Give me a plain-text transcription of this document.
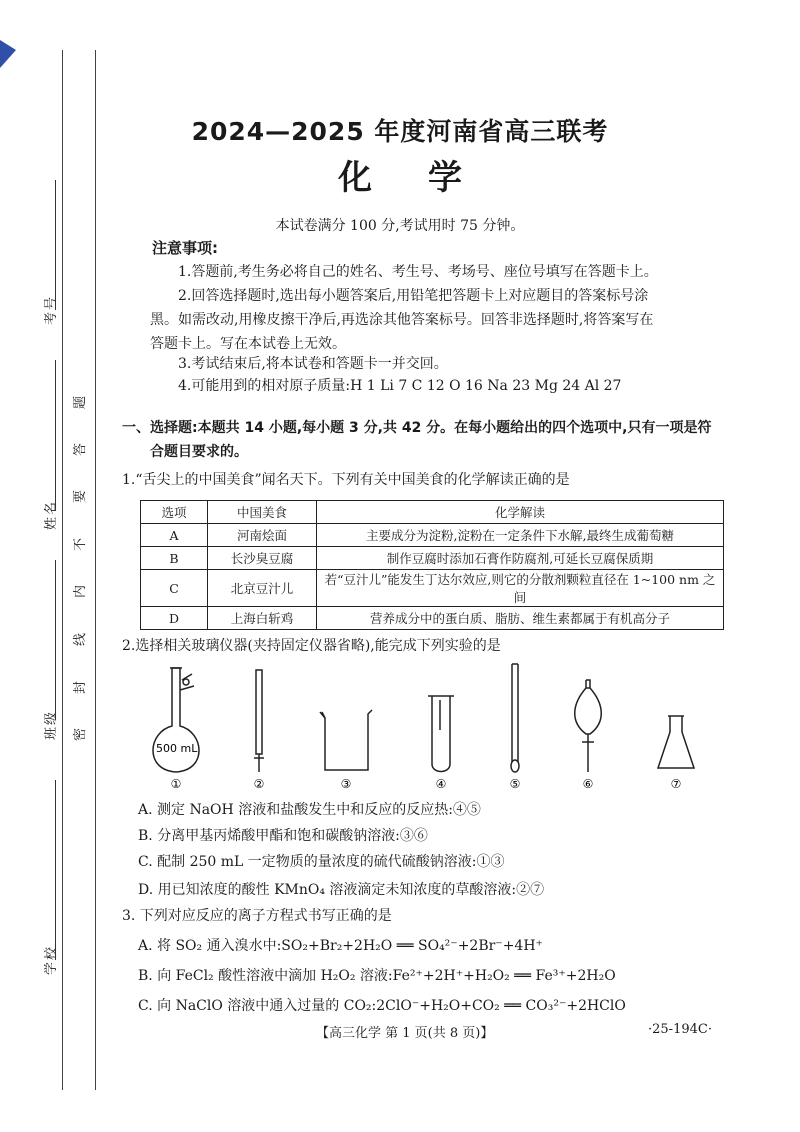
考号
姓名
班级
学校
题
答
要
不
内
线
封
密
2024—2025 年度河南省高三联考
化 学
本试卷满分 100 分,考试用时 75 分钟。
注意事项:
1.答题前,考生务必将自己的姓名、考生号、考场号、座位号填写在答题卡上。
2.回答选择题时,选出每小题答案后,用铅笔把答题卡上对应题目的答案标号涂
黑。如需改动,用橡皮擦干净后,再选涂其他答案标号。回答非选择题时,将答案写在
答题卡上。写在本试卷上无效。
3.考试结束后,将本试卷和答题卡一并交回。
4.可能用到的相对原子质量:H 1 Li 7 C 12 O 16 Na 23 Mg 24 Al 27
一、选择题:本题共 14 小题,每小题 3 分,共 42 分。在每小题给出的四个选项中,只有一项是符
合题目要求的。
1.“舌尖上的中国美食”闻名天下。下列有关中国美食的化学解读正确的是
选项	中国美食	化学解读
A	河南烩面	主要成分为淀粉,淀粉在一定条件下水解,最终生成葡萄糖
B	长沙臭豆腐	制作豆腐时添加石膏作防腐剂,可延长豆腐保质期
C	北京豆汁儿	若“豆汁儿”能发生丁达尔效应,则它的分散剂颗粒直径在 1~100 nm 之间
D	上海白斩鸡	营养成分中的蛋白质、脂肪、维生素都属于有机高分子
2.选择相关玻璃仪器(夹持固定仪器省略),能完成下列实验的是
500 mL
①	②	③	④	⑤	⑥	⑦
A. 测定 NaOH 溶液和盐酸发生中和反应的反应热:④⑤
B. 分离甲基丙烯酸甲酯和饱和碳酸钠溶液:③⑥
C. 配制 250 mL 一定物质的量浓度的硫代硫酸钠溶液:①③
D. 用已知浓度的酸性 KMnO₄ 溶液滴定未知浓度的草酸溶液:②⑦
3. 下列对应反应的离子方程式书写正确的是
A. 将 SO₂ 通入溴水中:SO₂+Br₂+2H₂O ══ SO₄²⁻+2Br⁻+4H⁺
B. 向 FeCl₂ 酸性溶液中滴加 H₂O₂ 溶液:Fe²⁺+2H⁺+H₂O₂ ══ Fe³⁺+2H₂O
C. 向 NaClO 溶液中通入过量的 CO₂:2ClO⁻+H₂O+CO₂ ══ CO₃²⁻+2HClO
【高三化学 第 1 页(共 8 页)】	·25-194C·
